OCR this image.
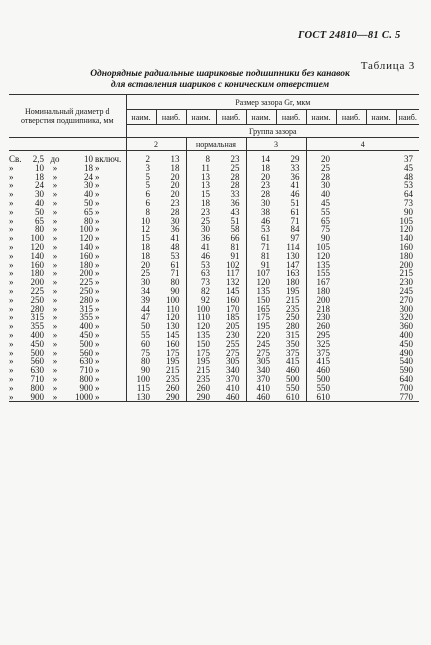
ГОСТ 24810—81 С. 5
Таблица 3
Однорядные радиальные шариковые подшипники без канавок
для вставления шариков с коническим отверстием
Номинальный диаметр d отверстия подшипника, мм	Размер зазора Gr, мкм									
	наим.	наиб.	наим.	наиб.	наим.	наиб.	наим.	наиб.	наим.	наиб.
	Группа зазора									
	2		нормальная		3		4			
Св. 2,5 до 10 включ.	2	13	8	23	14	29	20	37		
» 10 » 18 »	3	18	11	25	18	33	25	45		
» 18 » 24 »	5	20	13	28	20	36	28	48		
» 24 » 30 »	5	20	13	28	23	41	30	53		
» 30 » 40 »	6	20	15	33	28	46	40	64		
» 40 » 50 »	6	23	18	36	30	51	45	73		
» 50 » 65 »	8	28	23	43	38	61	55	90		
» 65 » 80 »	10	30	25	51	46	71	65	105		
» 80 » 100 »	12	36	30	58	53	84	75	120		
» 100 » 120 »	15	41	36	66	61	97	90	140		
» 120 » 140 »	18	48	41	81	71	114	105	160		
» 140 » 160 »	18	53	46	91	81	130	120	180		
» 160 » 180 »	20	61	53	102	91	147	135	200		
» 180 » 200 »	25	71	63	117	107	163	155	215		
» 200 » 225 »	30	80	73	132	120	180	167	230		
» 225 » 250 »	34	90	82	145	135	195	180	245		
» 250 » 280 »	39	100	92	160	150	215	200	270		
» 280 » 315 »	44	110	100	170	165	235	218	300		
» 315 » 355 »	47	120	110	185	175	250	230	320		
» 355 » 400 »	50	130	120	205	195	280	260	360		
» 400 » 450 »	55	145	135	230	220	315	295	400		
» 450 » 500 »	60	160	150	255	245	350	325	450		
» 500 » 560 »	75	175	175	275	275	375	375	490		
» 560 » 630 »	80	195	195	305	305	415	415	540		
» 630 » 710 »	90	215	215	340	340	460	460	590		
» 710 » 800 »	100	235	235	370	370	500	500	640		
» 800 » 900 »	115	260	260	410	410	550	550	700		
» 900 » 1000 »	130	290	290	460	460	610	610	770		
